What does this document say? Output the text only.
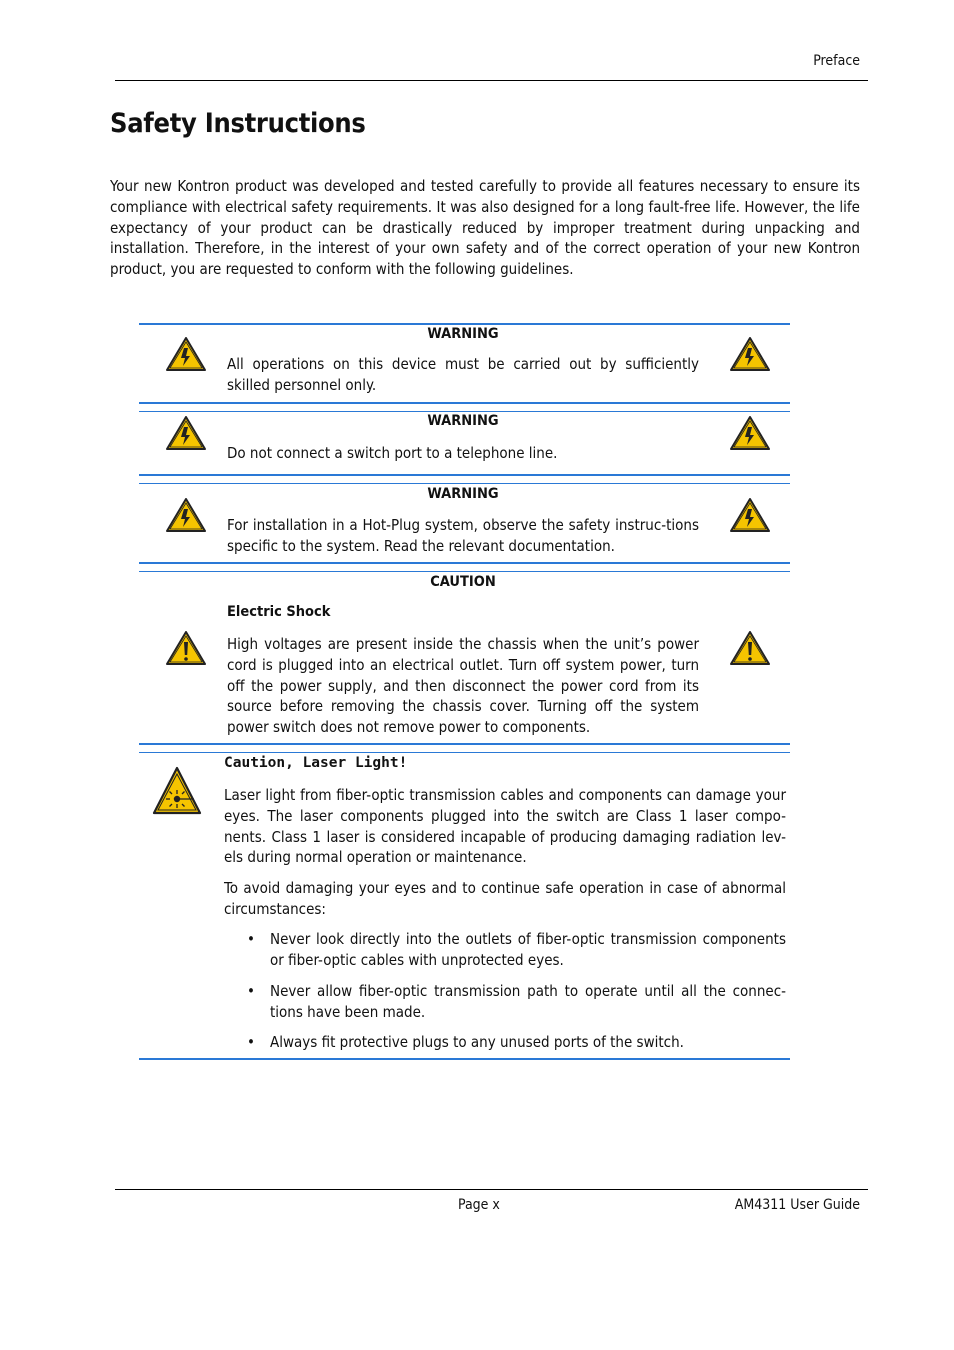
Preface
Safety Instructions

Your new Kontron product was developed and tested carefully to provide all features necessary to ensure its compliance with electrical safety requirements. It was also designed for a long fault-free life. However, the life expectancy of your product can be drastically reduced by improper treatment during unpacking and installation. Therefore, in the interest of your own safety and of the correct operation of your new Kontron product, you are requested to conform with the following guidelines.

WARNING

All operations on this device must be carried out by sufficiently skilled personnel only.

WARNING

Do not connect a switch port to a telephone line.

WARNING

For installation in a Hot-Plug system, observe the safety instruc-tions specific to the system. Read the relevant documentation.

CAUTION
Electric Shock

High voltages are present inside the chassis when the unit’s power cord is plugged into an electrical outlet. Turn off system power, turn off the power supply, and then disconnect the power cord from its source before removing the chassis cover. Turning off the system power switch does not remove power to components.

Caution, Laser Light!

Laser light from fiber-optic transmission cables and components can damage your eyes. The laser components plugged into the switch are Class 1 laser compo-nents. Class 1 laser is considered incapable of producing damaging radiation lev-els during normal operation or maintenance.

To avoid damaging your eyes and to continue safe operation in case of abnormal circumstances:

• Never look directly into the outlets of fiber-optic transmission components or fiber-optic cables with unprotected eyes.

• Never allow fiber-optic transmission path to operate until all the connec-tions have been made.

• Always fit protective plugs to any unused ports of the switch.

Page x	AM4311 User Guide
